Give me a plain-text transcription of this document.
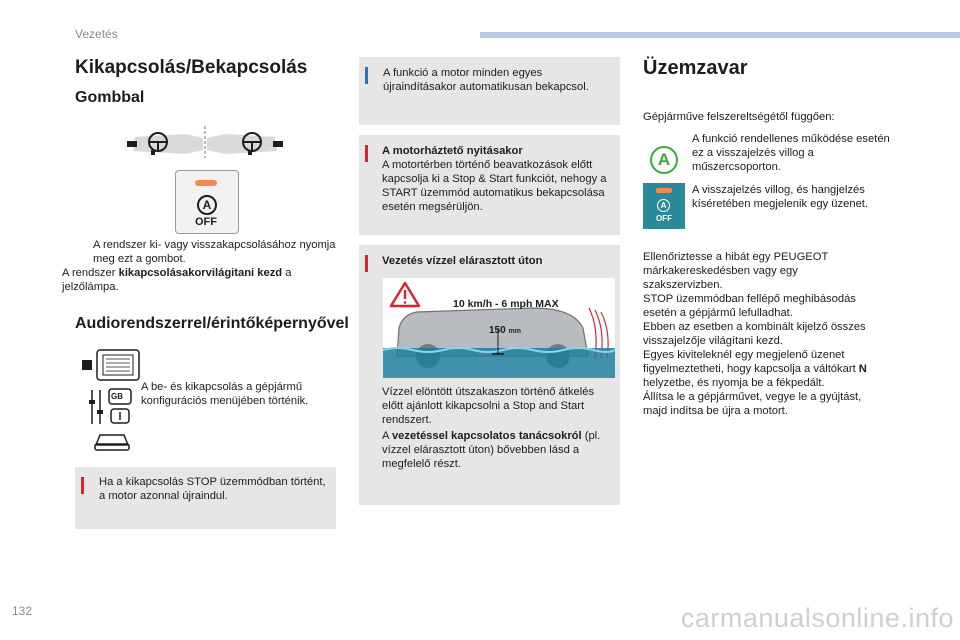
Vezetés
Kikapcsolás/Bekapcsolás
Gombbal
A
OFF
A rendszer ki- vagy visszakapcsolásához nyomja meg ezt a gombot.

A rendszer kikapcsolásakorvilágitani kezd a jelzőlámpa.

Audiorendszerrel/érintőképernyővel
GB

A be- és kikapcsolás a gépjármű konfigurációs menüjében történik.

Ha a kikapcsolás STOP üzemmódban történt, a motor azonnal újraindul.

A funkció a motor minden egyes újraindításakor automatikusan bekapcsol.

A motorháztető nyitásakor

A motortérben történő beavatkozások előtt kapcsolja ki a Stop & Start funkciót, nehogy a START üzemmód automatikus bekapcsolása esetén megsérüljön.

Vezetés vízzel elárasztott úton

10 km/h - 6 mph MAX
150 mm

Vízzel elöntött útszakaszon történő átkelés előtt ajánlott kikapcsolni a Stop and Start rendszert.

A vezetéssel kapcsolatos tanácsokról (pl. vízzel elárasztott úton) bővebben lásd a megfelelő részt.

Üzemzavar

Gépjárműve felszereltségétől függően:

A

A funkció rendellenes működése esetén ez a visszajelzés villog a műszercsoporton.

A
OFF

A visszajelzés villog, és hangjelzés kíséretében megjelenik egy üzenet.

Ellenőriztesse a hibát egy PEUGEOT márkakereskedésben vagy egy szakszervizben.

STOP üzemmódban fellépő meghibásodás esetén a gépjármű lefulladhat.

Ebben az esetben a kombinált kijelző összes visszajelzője világítani kezd.

Egyes kiviteleknél egy megjelenő üzenet figyelmeztetheti, hogy kapcsolja a váltókart N helyzetbe, és nyomja be a fékpedált.

Állítsa le a gépjárművet, vegye le a gyújtást, majd indítsa be újra a motort.

132	carmanualsonline.info
